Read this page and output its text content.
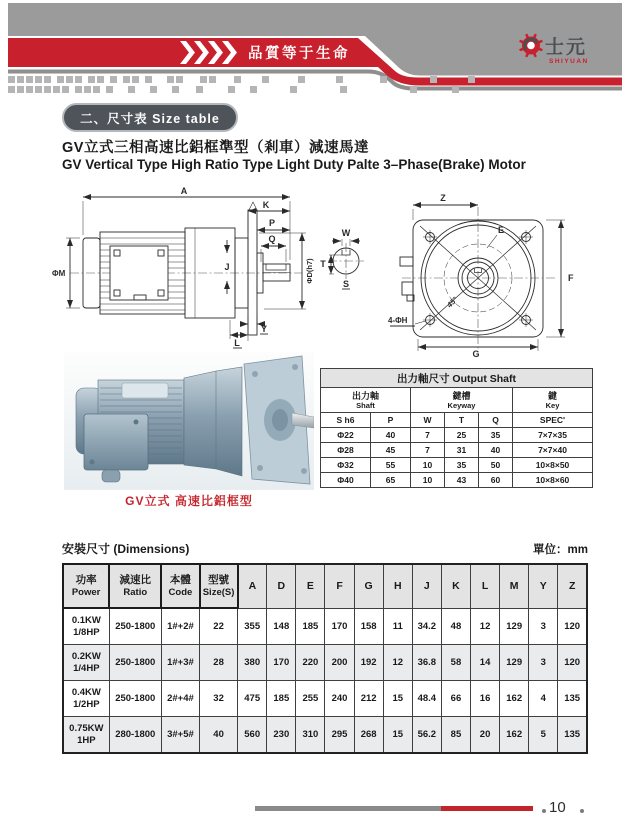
品質等于生命	士元
SHIYUAN
二、尺寸表 Size table
GV立式三相高速比鋁框準型（剎車）減速馬達
GV Vertical Type High Ratio Type Light Duty Palte 3–Phase(Brake) Motor
A
K
P
Q
ΦM
J	ΦD(h7)
L
Y
W
T
S
Z
E
F
G
45°
4-ΦH
GV立式 高速比鋁框型
出力軸尺寸 Output Shaft					

出力軸
Shaft

鍵槽
Keyway

鍵
Key

S h6	P	W	T	Q	SPEC'
Φ22	40	7	25	35	7×7×35
Φ28	45	7	31	40	7×7×40
Φ32	55	10	35	50	10×8×50
Φ40	65	10	43	60	10×8×60
安裝尺寸 (Dimensions)	單位：mm
功率
Power

減速比
Ratio

本體
Code

型號
Size(S)	A	D	E	F	G	H	J	K	L	M	Y	Z

0.1KW
1/8HP	250-1800	1#+2#	22	355	148	185	170	158	11	34.2	48	12	129	3	120

0.2KW
1/4HP	250-1800	1#+3#	28	380	170	220	200	192	12	36.8	58	14	129	3	120

0.4KW
1/2HP	250-1800	2#+4#	32	475	185	255	240	212	15	48.4	66	16	162	4	135

0.75KW
1HP	280-1800	3#+5#	40	560	230	310	295	268	15	56.2	85	20	162	5	135
10
